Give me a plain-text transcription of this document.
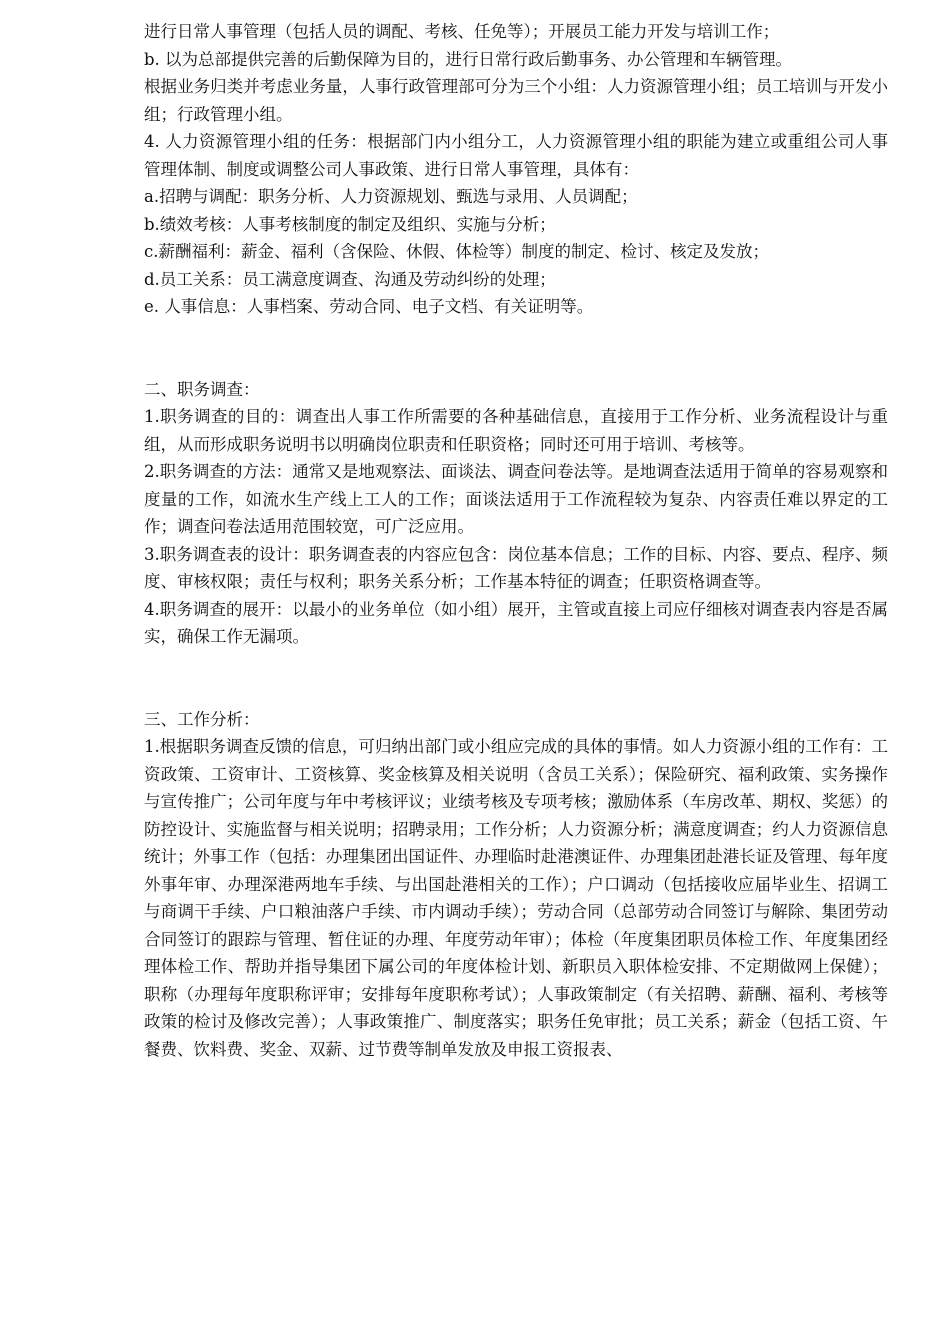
进行日常人事管理（包括人员的调配、考核、任免等）；开展员工能力开发与培训工作；

b. 以为总部提供完善的后勤保障为目的，进行日常行政后勤事务、办公管理和车辆管理。

根据业务归类并考虑业务量，人事行政管理部可分为三个小组：人力资源管理小组；员工培训与开发小组；行政管理小组。

4. 人力资源管理小组的任务：根据部门内小组分工，人力资源管理小组的职能为建立或重组公司人事管理体制、制度或调整公司人事政策、进行日常人事管理，具体有：

a.招聘与调配：职务分析、人力资源规划、甄选与录用、人员调配；

b.绩效考核：人事考核制度的制定及组织、实施与分析；

c.薪酬福利：薪金、福利（含保险、休假、体检等）制度的制定、检讨、核定及发放；

d.员工关系：员工满意度调查、沟通及劳动纠纷的处理；

e. 人事信息：人事档案、劳动合同、电子文档、有关证明等。

二、职务调查：

1.职务调查的目的：调查出人事工作所需要的各种基础信息，直接用于工作分析、业务流程设计与重组，从而形成职务说明书以明确岗位职责和任职资格；同时还可用于培训、考核等。

2.职务调查的方法：通常又是地观察法、面谈法、调查问卷法等。是地调查法适用于简单的容易观察和度量的工作，如流水生产线上工人的工作；面谈法适用于工作流程较为复杂、内容责任难以界定的工作；调查问卷法适用范围较宽，可广泛应用。

3.职务调查表的设计：职务调查表的内容应包含：岗位基本信息；工作的目标、内容、要点、程序、频度、审核权限；责任与权利；职务关系分析；工作基本特征的调查；任职资格调查等。

4.职务调查的展开：以最小的业务单位（如小组）展开，主管或直接上司应仔细核对调查表内容是否属实，确保工作无漏项。

三、工作分析：

1.根据职务调查反馈的信息，可归纳出部门或小组应完成的具体的事情。如人力资源小组的工作有：工资政策、工资审计、工资核算、奖金核算及相关说明（含员工关系）；保险研究、福利政策、实务操作与宣传推广；公司年度与年中考核评议；业绩考核及专项考核；激励体系（车房改革、期权、奖惩）的防控设计、实施监督与相关说明；招聘录用；工作分析；人力资源分析；满意度调查；约人力资源信息统计；外事工作（包括：办理集团出国证件、办理临时赴港澳证件、办理集团赴港长证及管理、每年度外事年审、办理深港两地车手续、与出国赴港相关的工作）；户口调动（包括接收应届毕业生、招调工与商调干手续、户口粮油落户手续、市内调动手续）；劳动合同（总部劳动合同签订与解除、集团劳动合同签订的跟踪与管理、暂住证的办理、年度劳动年审）；体检（年度集团职员体检工作、年度集团经理体检工作、帮助并指导集团下属公司的年度体检计划、新职员入职体检安排、不定期做网上保健）；职称（办理每年度职称评审；安排每年度职称考试）；人事政策制定（有关招聘、薪酬、福利、考核等政策的检讨及修改完善）；人事政策推广、制度落实；职务任免审批；员工关系；薪金（包括工资、午餐费、饮料费、奖金、双薪、过节费等制单发放及申报工资报表、
